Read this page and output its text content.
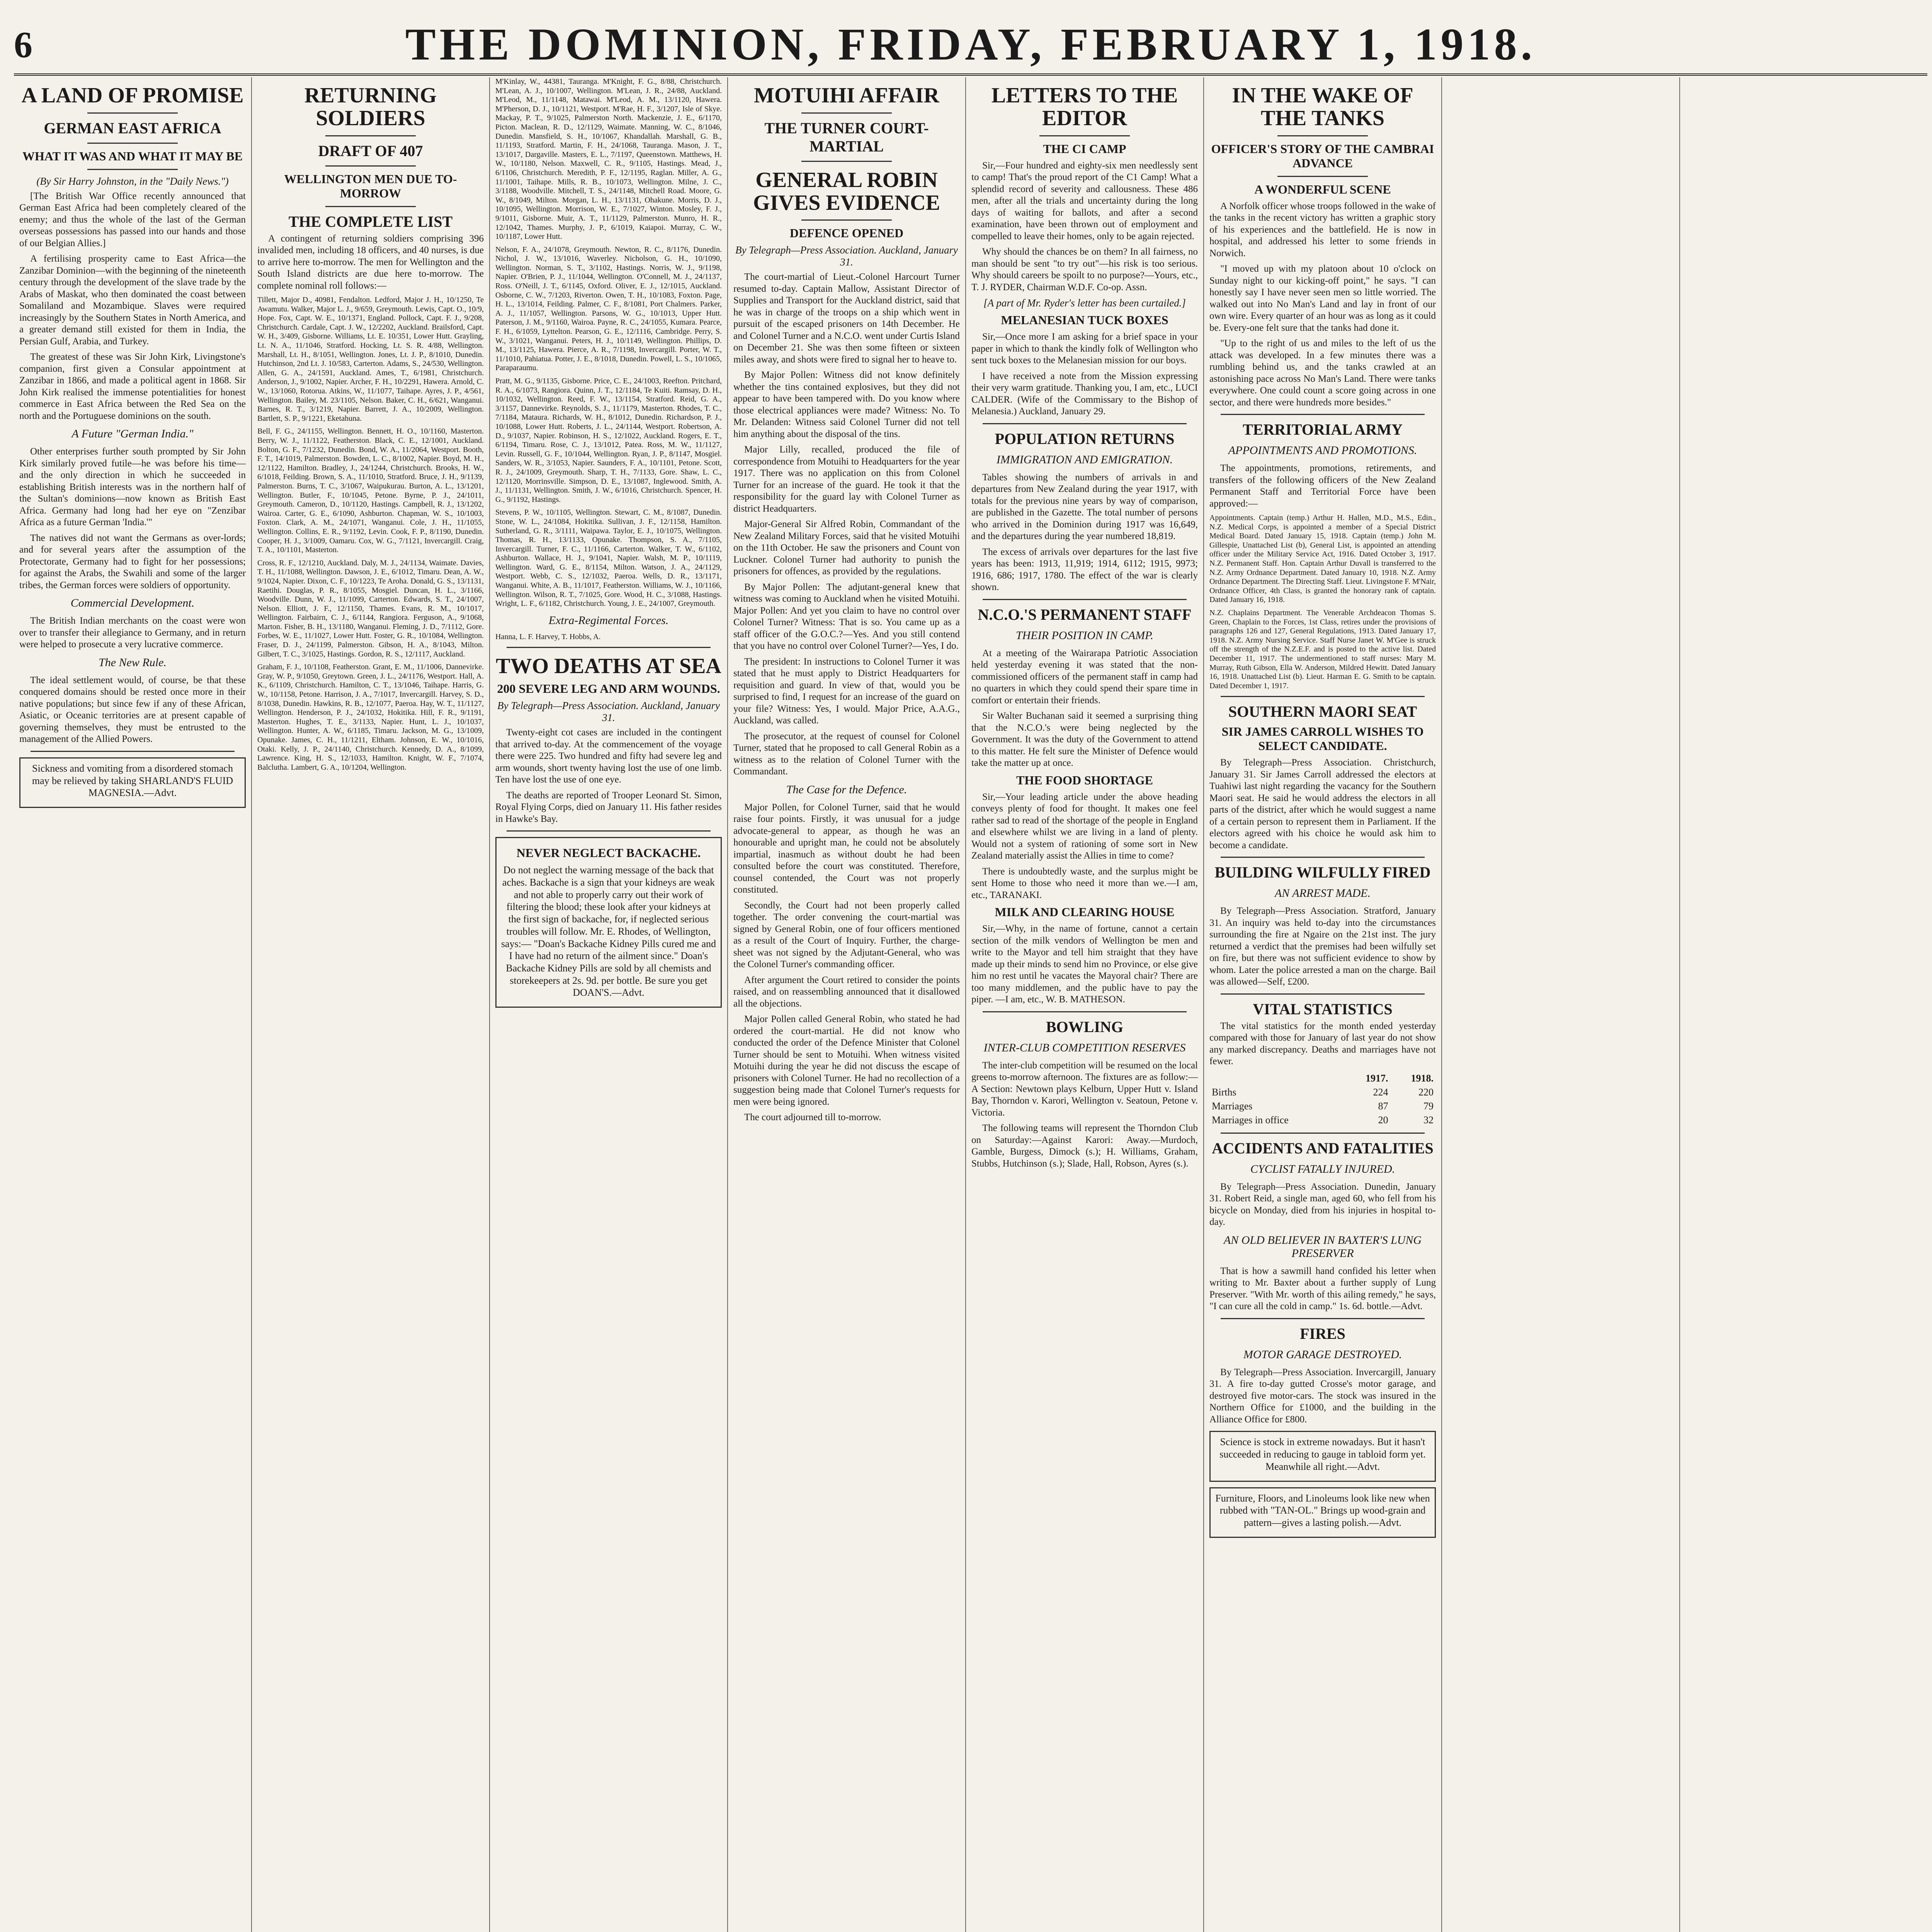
6	THE DOMINION, FRIDAY, FEBRUARY 1, 1918.
A LAND OF PROMISE
GERMAN EAST AFRICA
WHAT IT WAS AND WHAT IT MAY BE
(By Sir Harry Johnston, in the "Daily News.")

[The British War Office recently announced that German East Africa had been completely cleared of the enemy; and thus the whole of the last of the German overseas possessions has passed into our hands and those of our Belgian Allies.]

A fertilising prosperity came to East Africa—the Zanzibar Dominion—with the beginning of the nineteenth century through the development of the slave trade by the Arabs of Maskat, who then dominated the coast between Somaliland and Mozambique. Slaves were required increasingly by the Southern States in North America, and a greater demand still existed for them in India, the Persian Gulf, Arabia, and Turkey.

The greatest of these was Sir John Kirk, Livingstone's companion, first given a Consular appointment at Zanzibar in 1866, and made a political agent in 1868. Sir John Kirk realised the immense potentialities for honest commerce in East Africa between the Red Sea on the north and the Portuguese dominions on the south.

A Future "German India."

Other enterprises further south prompted by Sir John Kirk similarly proved futile—he was before his time—and the only direction in which he succeeded in establishing British interests was in the northern half of the Sultan's dominions—now known as British East Africa. Germany had long had her eye on "Zenzibar Africa as a future German 'India.'"

The natives did not want the Germans as over-lords; and for several years after the assumption of the Protectorate, Germany had to fight for her possessions; for against the Arabs, the Swahili and some of the larger tribes, the German forces were soldiers of opportunity.

Commercial Development.

The British Indian merchants on the coast were won over to transfer their allegiance to Germany, and in return were helped to prosecute a very lucrative commerce.

The New Rule.

The ideal settlement would, of course, be that these conquered domains should be rested once more in their native populations; but since few if any of these African, Asiatic, or Oceanic territories are at present capable of governing themselves, they must be entrusted to the management of the Allied Powers.

Sickness and vomiting from a disordered stomach may be relieved by taking SHARLAND'S FLUID MAGNESIA.—Advt.

RETURNING SOLDIERS
DRAFT OF 407
WELLINGTON MEN DUE TO-MORROW
THE COMPLETE LIST

A contingent of returning soldiers comprising 396 invalided men, including 18 officers, and 40 nurses, is due to arrive here to-morrow. The men for Wellington and the South Island districts are due here to-morrow. The complete nominal roll follows:—

Tillett, Major D., 40981, Fendalton. Ledford, Major J. H., 10/1250, Te Awamutu. Walker, Major L. J., 9/659, Greymouth. Lewis, Capt. O., 10/9, Hope. Fox, Capt. W. E., 10/1371, England. Pollock, Capt. F. J., 9/208, Christchurch. Cardale, Capt. J. W., 12/2202, Auckland. Brailsford, Capt. W. H., 3/409, Gisborne. Williams, Lt. E. 10/351, Lower Hutt. Grayling, Lt. N. A., 11/1046, Stratford. Hocking, Lt. S. R. 4/88, Wellington. Marshall, Lt. H., 8/1051, Wellington. Jones, Lt. J. P., 8/1010, Dunedin. Hutchinson, 2nd Lt. J. 10/583, Carterton. Adams, S., 24/530, Wellington. Allen, G. A., 24/1591, Auckland. Ames, T., 6/1981, Christchurch. Anderson, J., 9/1002, Napier. Archer, F. H., 10/2291, Hawera. Arnold, C. W., 13/1060, Rotorua. Atkins, W., 11/1077, Taihape. Ayres, J. P., 4/561, Wellington. Bailey, M. 23/1105, Nelson. Baker, C. H., 6/621, Wanganui. Barnes, R. T., 3/1219, Napier. Barrett, J. A., 10/2009, Wellington. Bartlett, S. P., 9/1221, Eketahuna.

Bell, F. G., 24/1155, Wellington. Bennett, H. O., 10/1160, Masterton. Berry, W. J., 11/1122, Featherston. Black, C. E., 12/1001, Auckland. Bolton, G. F., 7/1232, Dunedin. Bond, W. A., 11/2064, Westport. Booth, F. T., 14/1019, Palmerston. Bowden, L. C., 8/1002, Napier. Boyd, M. H., 12/1122, Hamilton. Bradley, J., 24/1244, Christchurch. Brooks, H. W., 6/1018, Feilding. Brown, S. A., 11/1010, Stratford. Bruce, J. H., 9/1139, Palmerston. Burns, T. C., 3/1067, Waipukurau. Burton, A. L., 13/1201, Wellington. Butler, F., 10/1045, Petone. Byrne, P. J., 24/1011, Greymouth. Cameron, D., 10/1120, Hastings. Campbell, R. J., 13/1202, Wairoa. Carter, G. E., 6/1090, Ashburton. Chapman, W. S., 10/1003, Foxton. Clark, A. M., 24/1071, Wanganui. Cole, J. H., 11/1055, Wellington. Collins, E. R., 9/1192, Levin. Cook, F. P., 8/1190, Dunedin. Cooper, H. J., 3/1009, Oamaru. Cox, W. G., 7/1121, Invercargill. Craig, T. A., 10/1101, Masterton.

Cross, R. F., 12/1210, Auckland. Daly, M. J., 24/1134, Waimate. Davies, T. H., 11/1088, Wellington. Dawson, J. E., 6/1012, Timaru. Dean, A. W., 9/1024, Napier. Dixon, C. F., 10/1223, Te Aroha. Donald, G. S., 13/1131, Raetihi. Douglas, P. R., 8/1055, Mosgiel. Duncan, H. L., 3/1166, Woodville. Dunn, W. J., 11/1099, Carterton. Edwards, S. T., 24/1007, Nelson. Elliott, J. F., 12/1150, Thames. Evans, R. M., 10/1017, Wellington. Fairbairn, C. J., 6/1144, Rangiora. Ferguson, A., 9/1068, Marton. Fisher, B. H., 13/1180, Wanganui. Fleming, J. D., 7/1112, Gore. Forbes, W. E., 11/1027, Lower Hutt. Foster, G. R., 10/1084, Wellington. Fraser, D. J., 24/1199, Palmerston. Gibson, H. A., 8/1043, Milton. Gilbert, T. C., 3/1025, Hastings. Gordon, R. S., 12/1117, Auckland.

Graham, F. J., 10/1108, Featherston. Grant, E. M., 11/1006, Dannevirke. Gray, W. P., 9/1050, Greytown. Green, J. L., 24/1176, Westport. Hall, A. K., 6/1109, Christchurch. Hamilton, C. T., 13/1046, Taihape. Harris, G. W., 10/1158, Petone. Harrison, J. A., 7/1017, Invercargill. Harvey, S. D., 8/1038, Dunedin. Hawkins, R. B., 12/1077, Paeroa. Hay, W. T., 11/1127, Wellington. Henderson, P. J., 24/1032, Hokitika. Hill, F. R., 9/1191, Masterton. Hughes, T. E., 3/1133, Napier. Hunt, L. J., 10/1037, Wellington. Hunter, A. W., 6/1185, Timaru. Jackson, M. G., 13/1009, Opunake. James, C. H., 11/1211, Eltham. Johnson, E. W., 10/1016, Otaki. Kelly, J. P., 24/1140, Christchurch. Kennedy, D. A., 8/1099, Lawrence. King, H. S., 12/1033, Hamilton. Knight, W. F., 7/1074, Balclutha. Lambert, G. A., 10/1204, Wellington.

M'Kinlay, W., 44381, Tauranga. M'Knight, F. G., 8/88, Christchurch. M'Lean, A. J., 10/1007, Wellington. M'Lean, J. R., 24/88, Auckland. M'Leod, M., 11/1148, Matawai. M'Leod, A. M., 13/1120, Hawera. M'Pherson, D. J., 10/1121, Westport. M'Rae, H. F., 3/1207, Isle of Skye. Mackay, P. T., 9/1025, Palmerston North. Mackenzie, J. E., 6/1170, Picton. Maclean, R. D., 12/1129, Waimate. Manning, W. C., 8/1046, Dunedin. Mansfield, S. H., 10/1067, Khandallah. Marshall, G. B., 11/1193, Stratford. Martin, F. H., 24/1068, Tauranga. Mason, J. T., 13/1017, Dargaville. Masters, E. L., 7/1197, Queenstown. Matthews, H. W., 10/1180, Nelson. Maxwell, C. R., 9/1105, Hastings. Mead, J., 6/1106, Christchurch. Meredith, P. F., 12/1195, Raglan. Miller, A. G., 11/1001, Taihape. Mills, R. B., 10/1073, Wellington. Milne, J. C., 3/1188, Woodville. Mitchell, T. S., 24/1148, Mitchell Road. Moore, G. W., 8/1049, Milton. Morgan, L. H., 13/1131, Ohakune. Morris, D. J., 10/1095, Wellington. Morrison, W. E., 7/1027, Winton. Mosley, F. J., 9/1011, Gisborne. Muir, A. T., 11/1129, Palmerston. Munro, H. R., 12/1042, Thames. Murphy, J. P., 6/1019, Kaiapoi. Murray, C. W., 10/1187, Lower Hutt.

Nelson, F. A., 24/1078, Greymouth. Newton, R. C., 8/1176, Dunedin. Nichol, J. W., 13/1016, Waverley. Nicholson, G. H., 10/1090, Wellington. Norman, S. T., 3/1102, Hastings. Norris, W. J., 9/1198, Napier. O'Brien, P. J., 11/1044, Wellington. O'Connell, M. J., 24/1137, Ross. O'Neill, J. T., 6/1145, Oxford. Oliver, E. J., 12/1015, Auckland. Osborne, C. W., 7/1203, Riverton. Owen, T. H., 10/1083, Foxton. Page, H. L., 13/1014, Feilding. Palmer, C. F., 8/1081, Port Chalmers. Parker, A. J., 11/1057, Wellington. Parsons, W. G., 10/1013, Upper Hutt. Paterson, J. M., 9/1160, Wairoa. Payne, R. C., 24/1055, Kumara. Pearce, F. H., 6/1059, Lyttelton. Pearson, G. E., 12/1116, Cambridge. Perry, S. W., 3/1021, Wanganui. Peters, H. J., 10/1149, Wellington. Phillips, D. M., 13/1125, Hawera. Pierce, A. R., 7/1198, Invercargill. Porter, W. T., 11/1010, Pahiatua. Potter, J. E., 8/1018, Dunedin. Powell, L. S., 10/1065, Paraparaumu.

Pratt, M. G., 9/1135, Gisborne. Price, C. E., 24/1003, Reefton. Pritchard, R. A., 6/1073, Rangiora. Quinn, J. T., 12/1184, Te Kuiti. Ramsay, D. H., 10/1032, Wellington. Reed, F. W., 13/1154, Stratford. Reid, G. A., 3/1157, Dannevirke. Reynolds, S. J., 11/1179, Masterton. Rhodes, T. C., 7/1184, Mataura. Richards, W. H., 8/1012, Dunedin. Richardson, P. J., 10/1088, Lower Hutt. Roberts, J. L., 24/1144, Westport. Robertson, A. D., 9/1037, Napier. Robinson, H. S., 12/1022, Auckland. Rogers, E. T., 6/1194, Timaru. Rose, C. J., 13/1012, Patea. Ross, M. W., 11/1127, Levin. Russell, G. F., 10/1044, Wellington. Ryan, J. P., 8/1147, Mosgiel. Sanders, W. R., 3/1053, Napier. Saunders, F. A., 10/1101, Petone. Scott, R. J., 24/1009, Greymouth. Sharp, T. H., 7/1133, Gore. Shaw, L. C., 12/1120, Morrinsville. Simpson, D. E., 13/1087, Inglewood. Smith, A. J., 11/1131, Wellington. Smith, J. W., 6/1016, Christchurch. Spencer, H. G., 9/1192, Hastings.

Stevens, P. W., 10/1105, Wellington. Stewart, C. M., 8/1087, Dunedin. Stone, W. L., 24/1084, Hokitika. Sullivan, J. F., 12/1158, Hamilton. Sutherland, G. R., 3/1111, Waipawa. Taylor, E. J., 10/1075, Wellington. Thomas, R. H., 13/1133, Opunake. Thompson, S. A., 7/1105, Invercargill. Turner, F. C., 11/1166, Carterton. Walker, T. W., 6/1102, Ashburton. Wallace, H. J., 9/1041, Napier. Walsh, M. P., 10/1119, Wellington. Ward, G. E., 8/1154, Milton. Watson, J. A., 24/1129, Westport. Webb, C. S., 12/1032, Paeroa. Wells, D. R., 13/1171, Wanganui. White, A. B., 11/1017, Featherston. Williams, W. J., 10/1166, Wellington. Wilson, R. T., 7/1025, Gore. Wood, H. C., 3/1088, Hastings. Wright, L. F., 6/1182, Christchurch. Young, J. E., 24/1007, Greymouth.

Extra-Regimental Forces.

Hanna, L. F. Harvey, T. Hobbs, A.

TWO DEATHS AT SEA
200 SEVERE LEG AND ARM WOUNDS.
By Telegraph—Press Association. Auckland, January 31.

Twenty-eight cot cases are included in the contingent that arrived to-day. At the commencement of the voyage there were 225. Two hundred and fifty had severe leg and arm wounds, short twenty having lost the use of one limb. Ten have lost the use of one eye.

The deaths are reported of Trooper Leonard St. Simon, Royal Flying Corps, died on January 11. His father resides in Hawke's Bay.

NEVER NEGLECT BACKACHE.

Do not neglect the warning message of the back that aches. Backache is a sign that your kidneys are weak and not able to properly carry out their work of filtering the blood; these look after your kidneys at the first sign of backache, for, if neglected serious troubles will follow. Mr. E. Rhodes, of Wellington, says:— "Doan's Backache Kidney Pills cured me and I have had no return of the ailment since." Doan's Backache Kidney Pills are sold by all chemists and storekeepers at 2s. 9d. per bottle. Be sure you get DOAN'S.—Advt.

MOTUIHI AFFAIR
THE TURNER COURT-MARTIAL
GENERAL ROBIN GIVES EVIDENCE
DEFENCE OPENED
By Telegraph—Press Association. Auckland, January 31.

The court-martial of Lieut.-Colonel Harcourt Turner resumed to-day. Captain Mallow, Assistant Director of Supplies and Transport for the Auckland district, said that he was in charge of the troops on a ship which went in pursuit of the escaped prisoners on 14th December. He and Colonel Turner and a N.C.O. went under Curtis Island on December 21. She was then some fifteen or sixteen miles away, and shots were fired to signal her to heave to.

By Major Pollen: Witness did not know definitely whether the tins contained explosives, but they did not appear to have been tampered with. Do you know where those electrical appliances were made? Witness: No. To Mr. Delanden: Witness said Colonel Turner did not tell him anything about the disposal of the tins.

Major Lilly, recalled, produced the file of correspondence from Motuihi to Headquarters for the year 1917. There was no application on this from Colonel Turner for an increase of the guard. He took it that the responsibility for the guard lay with Colonel Turner as district Headquarters.

Major-General Sir Alfred Robin, Commandant of the New Zealand Military Forces, said that he visited Motuihi on the 11th October. He saw the prisoners and Count von Luckner. Colonel Turner had authority to punish the prisoners for offences, as provided by the regulations.

By Major Pollen: The adjutant-general knew that witness was coming to Auckland when he visited Motuihi. Major Pollen: And yet you claim to have no control over Colonel Turner? Witness: That is so. You came up as a staff officer of the G.O.C.?—Yes. And you still contend that you have no control over Colonel Turner?—Yes, I do.

The president: In instructions to Colonel Turner it was stated that he must apply to District Headquarters for requisition and guard. In view of that, would you be surprised to find, I request for an increase of the guard on your file? Witness: Yes, I would. Major Price, A.A.G., Auckland, was called.

The prosecutor, at the request of counsel for Colonel Turner, stated that he proposed to call General Robin as a witness as to the relation of Colonel Turner with the Commandant.

The Case for the Defence.

Major Pollen, for Colonel Turner, said that he would raise four points. Firstly, it was unusual for a judge advocate-general to appear, as though he was an honourable and upright man, he could not be absolutely impartial, inasmuch as without doubt he had been consulted before the court was constituted. Therefore, counsel contended, the Court was not properly constituted.

Secondly, the Court had not been properly called together. The order convening the court-martial was signed by General Robin, one of four officers mentioned as a result of the Court of Inquiry. Further, the charge-sheet was not signed by the Adjutant-General, who was the Colonel Turner's commanding officer.

After argument the Court retired to consider the points raised, and on reassembling announced that it disallowed all the objections.

Major Pollen called General Robin, who stated he had ordered the court-martial. He did not know who conducted the order of the Defence Minister that Colonel Turner should be sent to Motuihi. When witness visited Motuihi during the year he did not discuss the escape of prisoners with Colonel Turner. He had no recollection of a suggestion being made that Colonel Turner's requests for men were being ignored.

The court adjourned till to-morrow.

LETTERS TO THE EDITOR
THE CI CAMP

Sir,—Four hundred and eighty-six men needlessly sent to camp! That's the proud report of the C1 Camp! What a splendid record of severity and callousness. These 486 men, after all the trials and uncertainty during the long days of waiting for ballots, and after a second examination, have been thrown out of employment and compelled to leave their homes, only to be again rejected.

Why should the chances be on them? In all fairness, no man should be sent "to try out"—his risk is too serious. Why should careers be spoilt to no purpose?—Yours, etc., T. J. RYDER, Chairman W.D.F. Co-op. Assn.

[A part of Mr. Ryder's letter has been curtailed.]
MELANESIAN TUCK BOXES

Sir,—Once more I am asking for a brief space in your paper in which to thank the kindly folk of Wellington who sent tuck boxes to the Melanesian mission for our boys.

I have received a note from the Mission expressing their very warm gratitude. Thanking you, I am, etc., LUCI CALDER. (Wife of the Commissary to the Bishop of Melanesia.) Auckland, January 29.

POPULATION RETURNS
IMMIGRATION AND EMIGRATION.

Tables showing the numbers of arrivals in and departures from New Zealand during the year 1917, with totals for the previous nine years by way of comparison, are published in the Gazette. The total number of persons who arrived in the Dominion during 1917 was 16,649, and the departures during the year numbered 18,819.

The excess of arrivals over departures for the last five years has been: 1913, 11,919; 1914, 6112; 1915, 9973; 1916, 686; 1917, 1780. The effect of the war is clearly shown.

N.C.O.'S PERMANENT STAFF
THEIR POSITION IN CAMP.

At a meeting of the Wairarapa Patriotic Association held yesterday evening it was stated that the non-commissioned officers of the permanent staff in camp had no quarters in which they could spend their spare time in comfort or entertain their friends.

Sir Walter Buchanan said it seemed a surprising thing that the N.C.O.'s were being neglected by the Government. It was the duty of the Government to attend to this matter. He felt sure the Minister of Defence would take the matter up at once.

THE FOOD SHORTAGE

Sir,—Your leading article under the above heading conveys plenty of food for thought. It makes one feel rather sad to read of the shortage of the people in England and elsewhere whilst we are living in a land of plenty. Would not a system of rationing of some sort in New Zealand materially assist the Allies in time to come?

There is undoubtedly waste, and the surplus might be sent Home to those who need it more than we.—I am, etc., TARANAKI.

MILK AND CLEARING HOUSE

Sir,—Why, in the name of fortune, cannot a certain section of the milk vendors of Wellington be men and write to the Mayor and tell him straight that they have made up their minds to send him no Province, or else give him no rest until he vacates the Mayoral chair? There are too many middlemen, and the public have to pay the piper. —I am, etc., W. B. MATHESON.

BOWLING
INTER-CLUB COMPETITION RESERVES

The inter-club competition will be resumed on the local greens to-morrow afternoon. The fixtures are as follow:—A Section: Newtown plays Kelburn, Upper Hutt v. Island Bay, Thorndon v. Karori, Wellington v. Seatoun, Petone v. Victoria.

The following teams will represent the Thorndon Club on Saturday:—Against Karori: Away.—Murdoch, Gamble, Burgess, Dimock (s.); H. Williams, Graham, Stubbs, Hutchinson (s.); Slade, Hall, Robson, Ayres (s.).

IN THE WAKE OF THE TANKS
OFFICER'S STORY OF THE CAMBRAI ADVANCE
A WONDERFUL SCENE

A Norfolk officer whose troops followed in the wake of the tanks in the recent victory has written a graphic story of his experiences and the battlefield. He is now in hospital, and addressed his letter to some friends in Norwich.

"I moved up with my platoon about 10 o'clock on Sunday night to our kicking-off point," he says. "I can honestly say I have never seen men so little worried. The walked out into No Man's Land and lay in front of our own wire. Every quarter of an hour was as long as it could be. Every-one felt sure that the tanks had done it.

"Up to the right of us and miles to the left of us the attack was developed. In a few minutes there was a rumbling behind us, and the tanks crawled at an astonishing pace across No Man's Land. There were tanks everywhere. One could count a score going across in one sector, and there were hundreds more besides."

TERRITORIAL ARMY
APPOINTMENTS AND PROMOTIONS.

The appointments, promotions, retirements, and transfers of the following officers of the New Zealand Permanent Staff and Territorial Force have been approved:—

Appointments. Captain (temp.) Arthur H. Hallen, M.D., M.S., Edin., N.Z. Medical Corps, is appointed a member of a Special District Medical Board. Dated January 15, 1918. Captain (temp.) John M. Gillespie, Unattached List (b), General List, is appointed an attending officer under the Military Service Act, 1916. Dated October 3, 1917. N.Z. Permanent Staff. Hon. Captain Arthur Duvall is transferred to the N.Z. Army Ordnance Department. Dated January 10, 1918. N.Z. Army Ordnance Department. The Directing Staff. Lieut. Livingstone F. M'Nair, Ordnance Officer, 4th Class, is granted the honorary rank of captain. Dated January 16, 1918.

N.Z. Chaplains Department. The Venerable Archdeacon Thomas S. Green, Chaplain to the Forces, 1st Class, retires under the provisions of paragraphs 126 and 127, General Regulations, 1913. Dated January 17, 1918. N.Z. Army Nursing Service. Staff Nurse Janet W. M'Gee is struck off the strength of the N.Z.E.F. and is posted to the active list. Dated December 11, 1917. The undermentioned to staff nurses: Mary M. Murray, Ruth Gibson, Ella W. Anderson, Mildred Hewitt. Dated January 16, 1918. Unattached List (b). Lieut. Harman E. G. Smith to be captain. Dated December 1, 1917.

SOUTHERN MAORI SEAT
SIR JAMES CARROLL WISHES TO SELECT CANDIDATE.

By Telegraph—Press Association. Christchurch, January 31. Sir James Carroll addressed the electors at Tuahiwi last night regarding the vacancy for the Southern Maori seat. He said he would address the electors in all parts of the district, after which he would suggest a name of a certain person to represent them in Parliament. If the electors agreed with his choice he would ask him to become a candidate.

BUILDING WILFULLY FIRED
AN ARREST MADE.

By Telegraph—Press Association. Stratford, January 31. An inquiry was held to-day into the circumstances surrounding the fire at Ngaire on the 21st inst. The jury returned a verdict that the premises had been wilfully set on fire, but there was not sufficient evidence to show by whom. Later the police arrested a man on the charge. Bail was allowed—Self, £200.

VITAL STATISTICS

The vital statistics for the month ended yesterday compared with those for January of last year do not show any marked discrepancy. Deaths and marriages have not fewer.

	1917.	1918.
Births	224	220
Marriages	87	79
Marriages in office	20	32
ACCIDENTS AND FATALITIES
CYCLIST FATALLY INJURED.

By Telegraph—Press Association. Dunedin, January 31. Robert Reid, a single man, aged 60, who fell from his bicycle on Monday, died from his injuries in hospital to-day.

AN OLD BELIEVER IN BAXTER'S LUNG PRESERVER

That is how a sawmill hand confided his letter when writing to Mr. Baxter about a further supply of Lung Preserver. "With Mr. worth of this ailing remedy," he says, "I can cure all the cold in camp." 1s. 6d. bottle.—Advt.

FIRES
MOTOR GARAGE DESTROYED.

By Telegraph—Press Association. Invercargill, January 31. A fire to-day gutted Crosse's motor garage, and destroyed five motor-cars. The stock was insured in the Northern Office for £1000, and the building in the Alliance Office for £800.

Science is stock in extreme nowadays. But it hasn't succeeded in reducing to gauge in tabloid form yet. Meanwhile all right.—Advt.

Furniture, Floors, and Linoleums look like new when rubbed with "TAN-OL." Brings up wood-grain and pattern—gives a lasting polish.—Advt.
